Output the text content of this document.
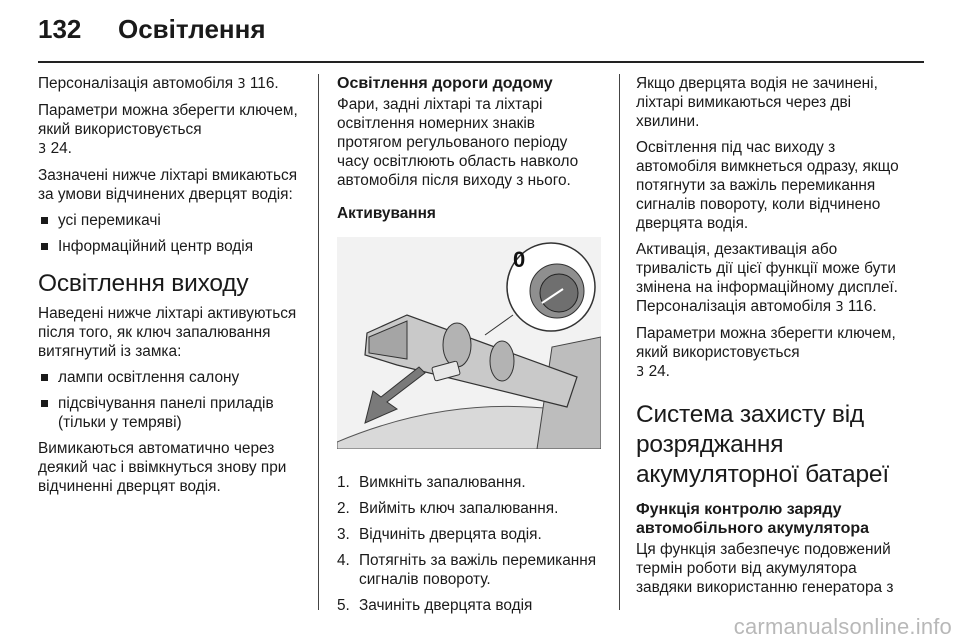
132 Освітлення

Персоналізація автомобіля 3 116.

Параметри можна зберегти ключем, який використовується
3 24.

Зазначені нижче ліхтарі вмикаються за умови відчинених дверцят водія:

усі перемикачі
Інформаційний центр водія
Освітлення виходу

Наведені нижче ліхтарі активуються після того, як ключ запалювання витягнутий із замка:

лампи освітлення салону
підсвічування панелі приладів (тільки у темряві)

Вимикаються автоматично через деякий час і ввімкнуться знову при відчиненні дверцят водія.

Освітлення дороги додому

Фари, задні ліхтарі та ліхтарі освітлення номерних знаків протягом регульованого періоду часу освітлюють область навколо автомобіля після виходу з нього.

Активування
0
1. Вимкніть запалювання.
2. Вийміть ключ запалювання.
3. Відчиніть дверцята водія.
4. Потягніть за важіль перемикання сигналів повороту.
5. Зачиніть дверцята водія

Якщо дверцята водія не зачинені, ліхтарі вимикаються через дві хвилини.

Освітлення під час виходу з автомобіля вимкнеться одразу, якщо потягнути за важіль перемикання сигналів повороту, коли відчинено дверцята водія.

Активація, дезактивація або тривалість дії цієї функції може бути змінена на інформаційному дисплеї. Персоналізація автомобіля 3 116.

Параметри можна зберегти ключем, який використовується
3 24.

Система захисту від розряджання акумуляторної батареї
Функція контролю заряду автомобільного акумулятора

Ця функція забезпечує подовжений термін роботи від акумулятора завдяки використанню генератора з

carmanualsonline.info
